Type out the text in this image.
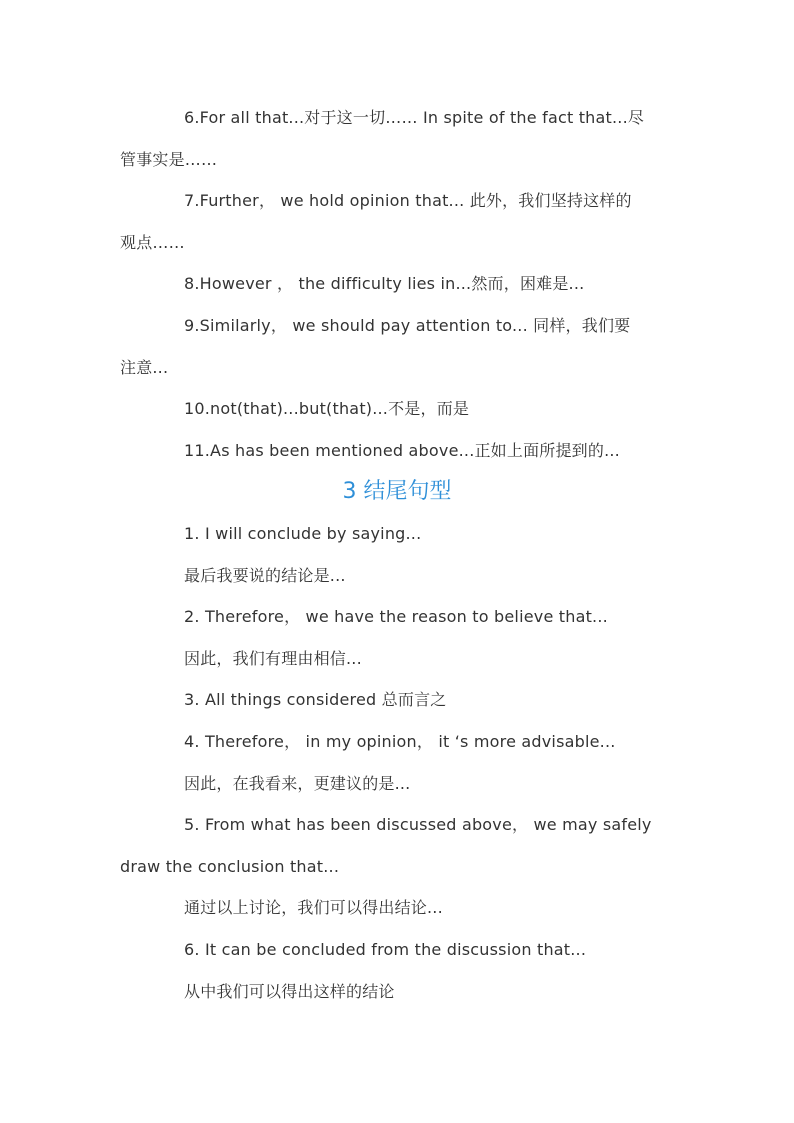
6.For all that...对于这一切…… In spite of the fact that...尽
管事实是……
7.Further， we hold opinion that... 此外，我们坚持这样的
观点……
8.However ， the difficulty lies in...然而，困难是...
9.Similarly， we should pay attention to... 同样，我们要
注意...
10.not(that)...but(that)...不是，而是
11.As has been mentioned above...正如上面所提到的...
3 结尾句型
1. I will conclude by saying...
最后我要说的结论是...
2. Therefore， we have the reason to believe that...
因此，我们有理由相信...
3. All things considered 总而言之
4. Therefore， in my opinion， it ‘s more advisable...
因此，在我看来，更建议的是...
5. From what has been discussed above， we may safely
draw the conclusion that...
通过以上讨论，我们可以得出结论...
6. It can be concluded from the discussion that...
从中我们可以得出这样的结论
